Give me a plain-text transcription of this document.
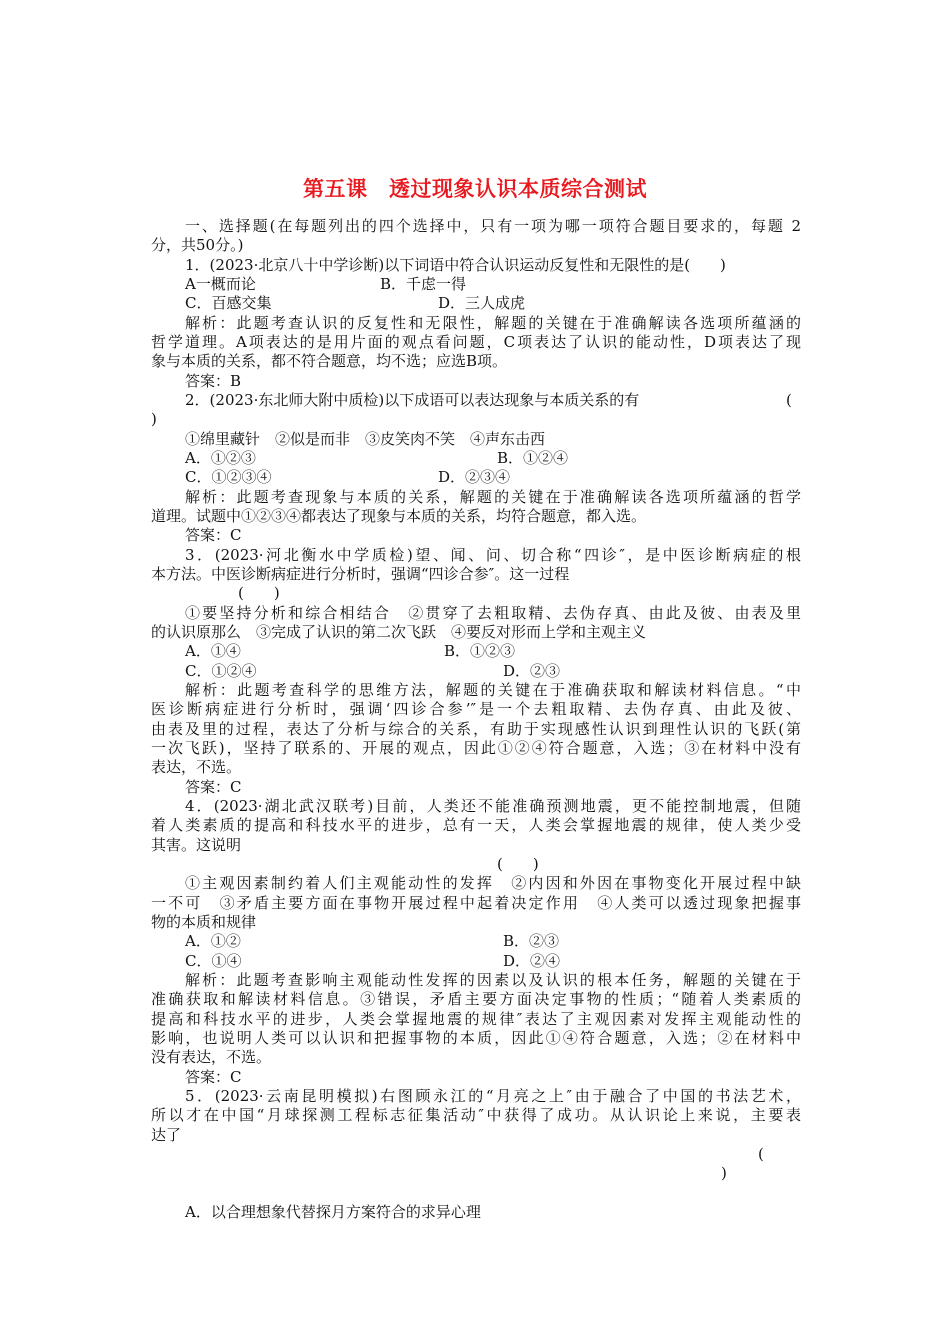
第五课　透过现象认识本质综合测试
一、选择题(在每题列出的四个选择中，只有一项为哪一项符合题目要求的，每题 2
分，共50分。)
1．(2023·北京八十中学诊断)以下词语中符合认识运动反复性和无限性的是(　　)
A一概而论	B．千虑一得
C．百感交集	D．三人成虎
解析：此题考查认识的反复性和无限性，解题的关键在于准确解读各选项所蕴涵的
哲学道理。A项表达的是用片面的观点看问题，C项表达了认识的能动性，D项表达了现
象与本质的关系，都不符合题意，均不选；应选B项。
答案：B
2．(2023·东北师大附中质检)以下成语可以表达现象与本质关系的有	(
)
①绵里藏针　②似是而非　③皮笑肉不笑　④声东击西
A．①②③	B．①②④
C．①②③④	D．②③④
解析：此题考查现象与本质的关系，解题的关键在于准确解读各选项所蕴涵的哲学
道理。试题中①②③④都表达了现象与本质的关系，均符合题意，都入选。
答案：C
3．(2023·河北衡水中学质检)望、闻、问、切合称“四诊″，是中医诊断病症的根
本方法。中医诊断病症进行分析时，强调“四诊合参″。这一过程
(　　)
①要坚持分析和综合相结合　②贯穿了去粗取精、去伪存真、由此及彼、由表及里
的认识原那么　③完成了认识的第二次飞跃　④要反对形而上学和主观主义
A．①④	B．①②③
C．①②④	D．②③
解析：此题考查科学的思维方法，解题的关键在于准确获取和解读材料信息。“中
医诊断病症进行分析时，强调‘四诊合参’″是一个去粗取精、去伪存真、由此及彼、
由表及里的过程，表达了分析与综合的关系，有助于实现感性认识到理性认识的飞跃(第
一次飞跃)，坚持了联系的、开展的观点，因此①②④符合题意，入选；③在材料中没有
表达，不选。
答案：C
4．(2023·湖北武汉联考)目前，人类还不能准确预测地震，更不能控制地震，但随
着人类素质的提高和科技水平的进步，总有一天，人类会掌握地震的规律，使人类少受
其害。这说明
(　　)
①主观因素制约着人们主观能动性的发挥　②内因和外因在事物变化开展过程中缺
一不可　③矛盾主要方面在事物开展过程中起着决定作用　④人类可以透过现象把握事
物的本质和规律
A．①②	B．②③
C．①④	D．②④
解析：此题考查影响主观能动性发挥的因素以及认识的根本任务，解题的关键在于
准确获取和解读材料信息。③错误，矛盾主要方面决定事物的性质；“随着人类素质的
提高和科技水平的进步，人类会掌握地震的规律″表达了主观因素对发挥主观能动性的
影响，也说明人类可以认识和把握事物的本质，因此①④符合题意，入选；②在材料中
没有表达，不选。
答案：C
5．(2023·云南昆明模拟)右图顾永江的“月亮之上″由于融合了中国的书法艺术，
所以才在中国“月球探测工程标志征集活动″中获得了成功。从认识论上来说，主要表
达了
(
)
A．以合理想象代替探月方案符合的求异心理
